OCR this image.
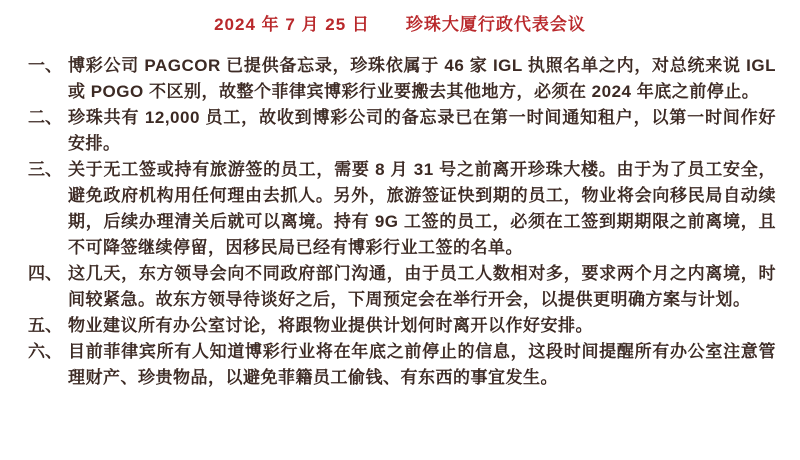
2024 年 7 月 25 日　　珍珠大厦行政代表会议
一、 博彩公司 PAGCOR 已提供备忘录，珍珠依属于 46 家 IGL 执照名单之内，对总统来说 IGL 或 POGO 不区别，故整个菲律宾博彩行业要搬去其他地方，必须在 2024 年底之前停止。
二、 珍珠共有 12,000 员工，故收到博彩公司的备忘录已在第一时间通知租户，以第一时间作好安排。
三、 关于无工签或持有旅游签的员工，需要 8 月 31 号之前离开珍珠大楼。由于为了员工安全，避免政府机构用任何理由去抓人。另外，旅游签证快到期的员工，物业将会向移民局自动续期，后续办理清关后就可以离境。持有 9G 工签的员工，必须在工签到期期限之前离境，且不可降签继续停留，因移民局已经有博彩行业工签的名单。
四、 这几天，东方领导会向不同政府部门沟通，由于员工人数相对多，要求两个月之内离境，时间较紧急。故东方领导待谈好之后，下周预定会在举行开会，以提供更明确方案与计划。
五、 物业建议所有办公室讨论，将跟物业提供计划何时离开以作好安排。
六、 目前菲律宾所有人知道博彩行业将在年底之前停止的信息，这段时间提醒所有办公室注意管理财产、珍贵物品，以避免菲籍员工偷钱、有东西的事宜发生。
